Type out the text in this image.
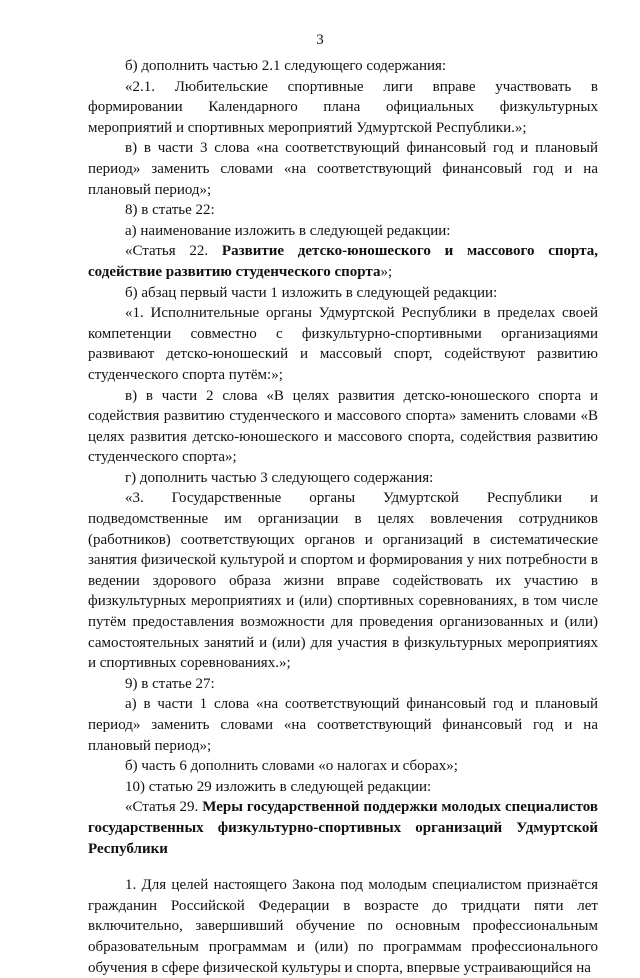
3

б) дополнить частью 2.1 следующего содержания:

«2.1. Любительские спортивные лиги вправе участвовать в формировании Календарного плана официальных физкультурных мероприятий и спортивных мероприятий Удмуртской Республики.»;

в) в части 3 слова «на соответствующий финансовый год и плановый период» заменить словами «на соответствующий финансовый год и на плановый период»;

8) в статье 22:

а) наименование изложить в следующей редакции:

«Статья 22. Развитие детско-юношеского и массового спорта, содействие развитию студенческого спорта»;

б) абзац первый части 1 изложить в следующей редакции:

«1. Исполнительные органы Удмуртской Республики в пределах своей компетенции совместно с физкультурно-спортивными организациями развивают детско-юношеский и массовый спорт, содействуют развитию студенческого спорта путём:»;

в) в части 2 слова «В целях развития детско-юношеского спорта и содействия развитию студенческого и массового спорта» заменить словами «В целях развития детско-юношеского и массового спорта, содействия развитию студенческого спорта»;

г) дополнить частью 3 следующего содержания:

«3. Государственные органы Удмуртской Республики и подведомственные им организации в целях вовлечения сотрудников (работников) соответствующих органов и организаций в систематические занятия физической культурой и спортом и формирования у них потребности в ведении здорового образа жизни вправе содействовать их участию в физкультурных мероприятиях и (или) спортивных соревнованиях, в том числе путём предоставления возможности для проведения организованных и (или) самостоятельных занятий и (или) для участия в физкультурных мероприятиях и спортивных соревнованиях.»;

9) в статье 27:

а) в части 1 слова «на соответствующий финансовый год и плановый период» заменить словами «на соответствующий финансовый год и на плановый период»;

б) часть 6 дополнить словами «о налогах и сборах»;

10) статью 29 изложить в следующей редакции:

«Статья 29. Меры государственной поддержки молодых специалистов государственных физкультурно-спортивных организаций Удмуртской Республики

1. Для целей настоящего Закона под молодым специалистом признаётся гражданин Российской Федерации в возрасте до тридцати пяти лет включительно, завершивший обучение по основным профессиональным образовательным программам и (или) по программам профессионального обучения в сфере физической культуры и спорта, впервые устраивающийся на
